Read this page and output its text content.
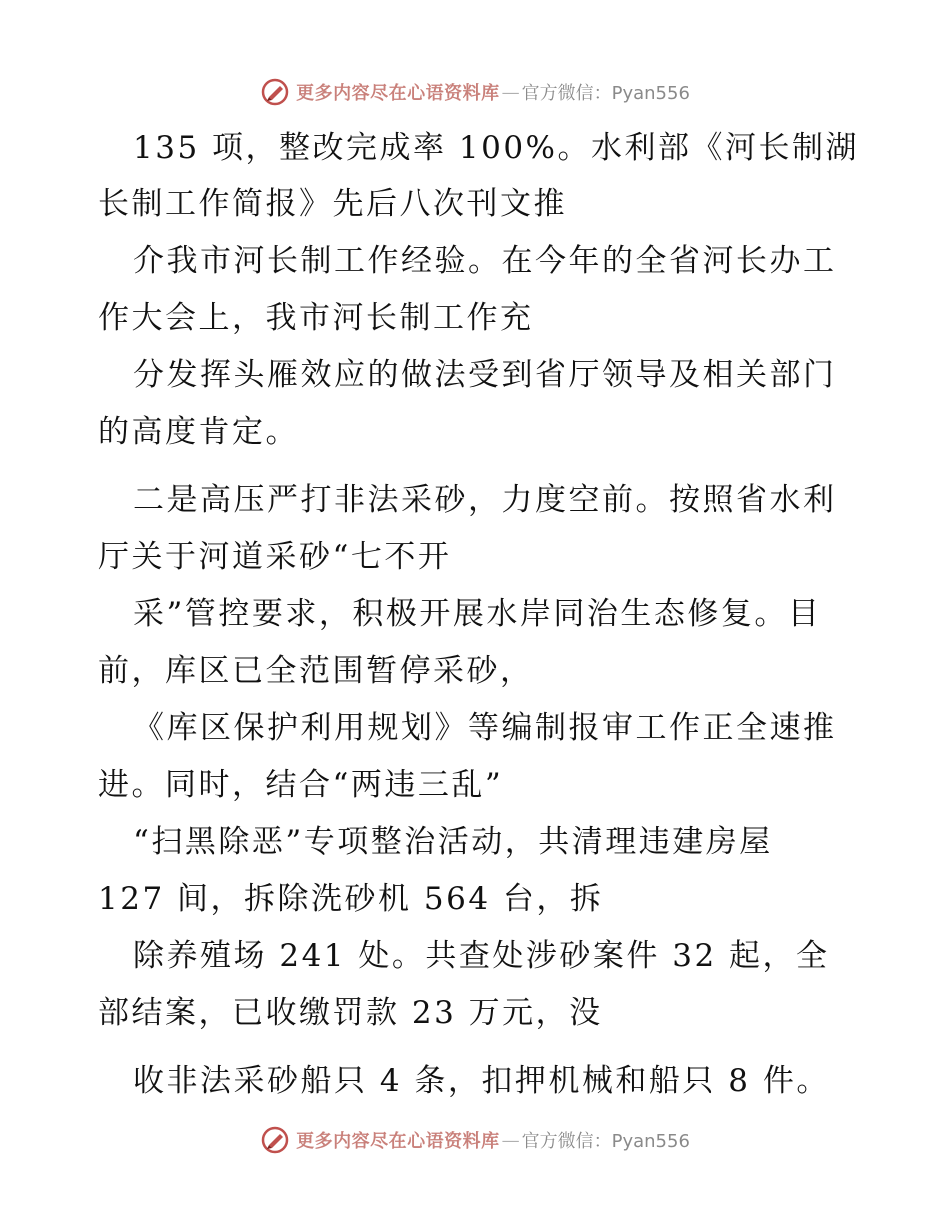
更多内容尽在心语资料库 — 官方微信：Pyan556
135 项，整改完成率 100%。水利部《河长制湖
长制工作简报》先后八次刊文推
介我市河长制工作经验。在今年的全省河长办工
作大会上，我市河长制工作充
分发挥头雁效应的做法受到省厅领导及相关部门
的高度肯定。
二是高压严打非法采砂，力度空前。按照省水利
厅关于河道采砂“七不开
采”管控要求，积极开展水岸同治生态修复。目
前，库区已全范围暂停采砂，
《库区保护利用规划》等编制报审工作正全速推
进。同时，结合“两违三乱”
“扫黑除恶”专项整治活动，共清理违建房屋
127 间，拆除洗砂机 564 台，拆
除养殖场 241 处。共查处涉砂案件 32 起，全
部结案，已收缴罚款 23 万元，没
收非法采砂船只 4 条，扣押机械和船只 8 件。
更多内容尽在心语资料库 — 官方微信：Pyan556
